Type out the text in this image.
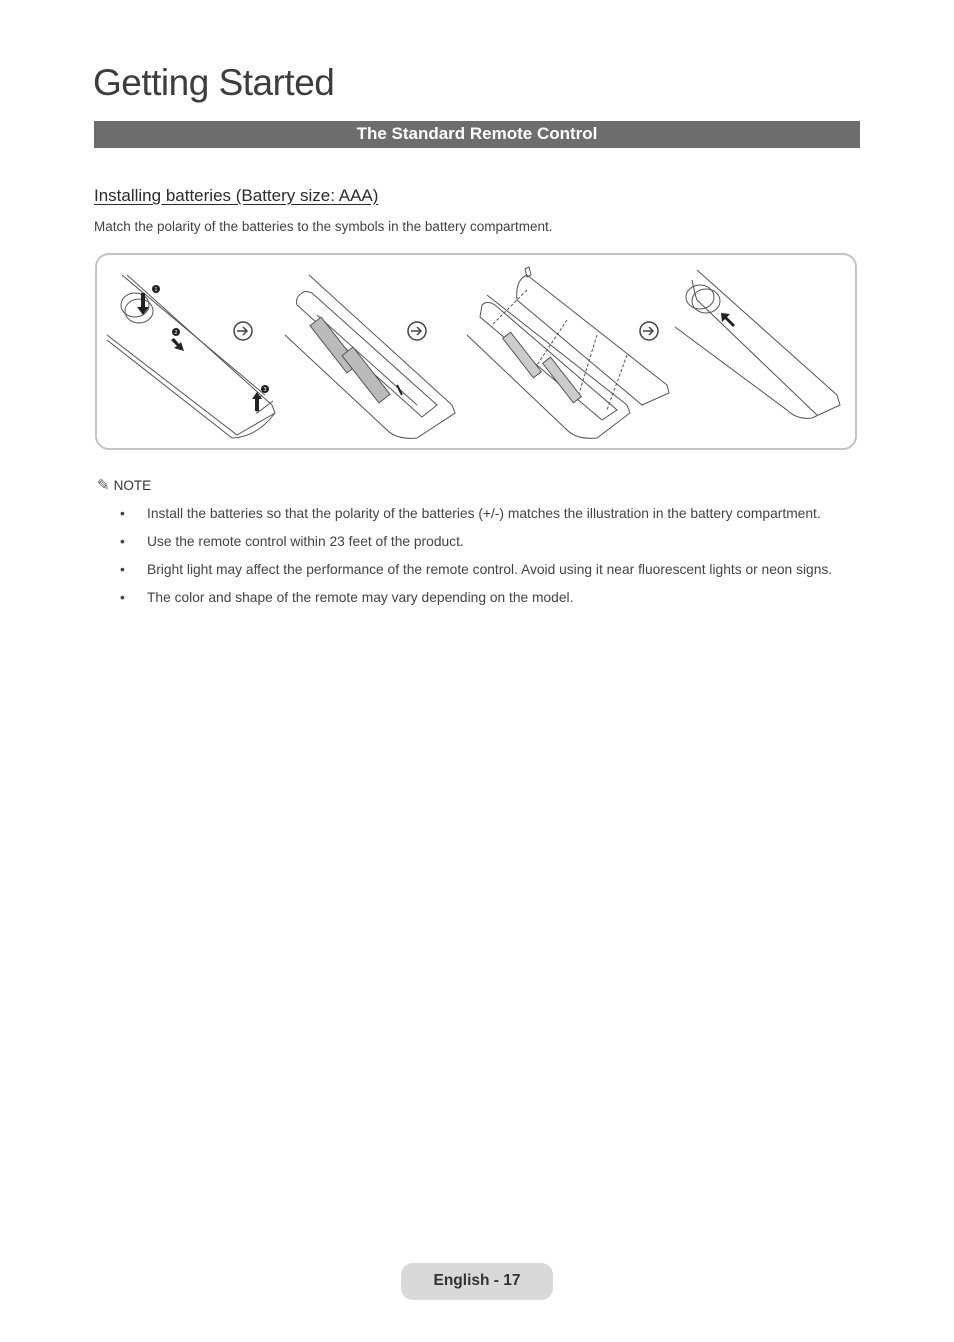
Getting Started
The Standard Remote Control
Installing batteries (Battery size: AAA)
Match the polarity of the batteries to the symbols in the battery compartment.
1
2
3
✎ NOTE
• Install the batteries so that the polarity of the batteries (+/-) matches the illustration in the battery compartment.
• Use the remote control within 23 feet of the product.
• Bright light may affect the performance of the remote control. Avoid using it near fluorescent lights or neon signs.
• The color and shape of the remote may vary depending on the model.
English - 17
